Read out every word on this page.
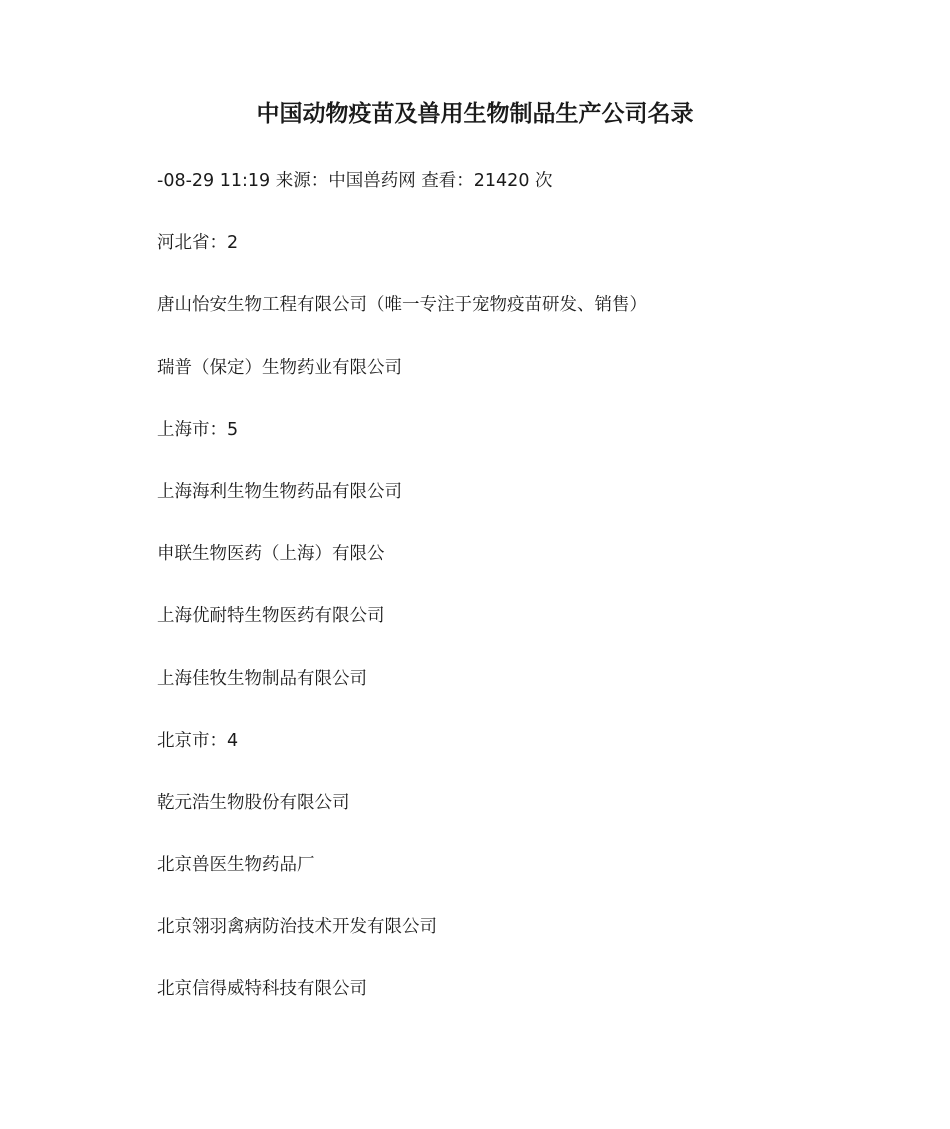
中国动物疫苗及兽用生物制品生产公司名录
-08-29 11:19 来源：中国兽药网 查看：21420 次
河北省：2
唐山怡安生物工程有限公司（唯一专注于宠物疫苗研发、销售）
瑞普（保定）生物药业有限公司
上海市：5
上海海利生物生物药品有限公司
申联生物医药（上海）有限公
上海优耐特生物医药有限公司
上海佳牧生物制品有限公司
北京市：4
乾元浩生物股份有限公司
北京兽医生物药品厂
北京翎羽禽病防治技术开发有限公司
北京信得威特科技有限公司
